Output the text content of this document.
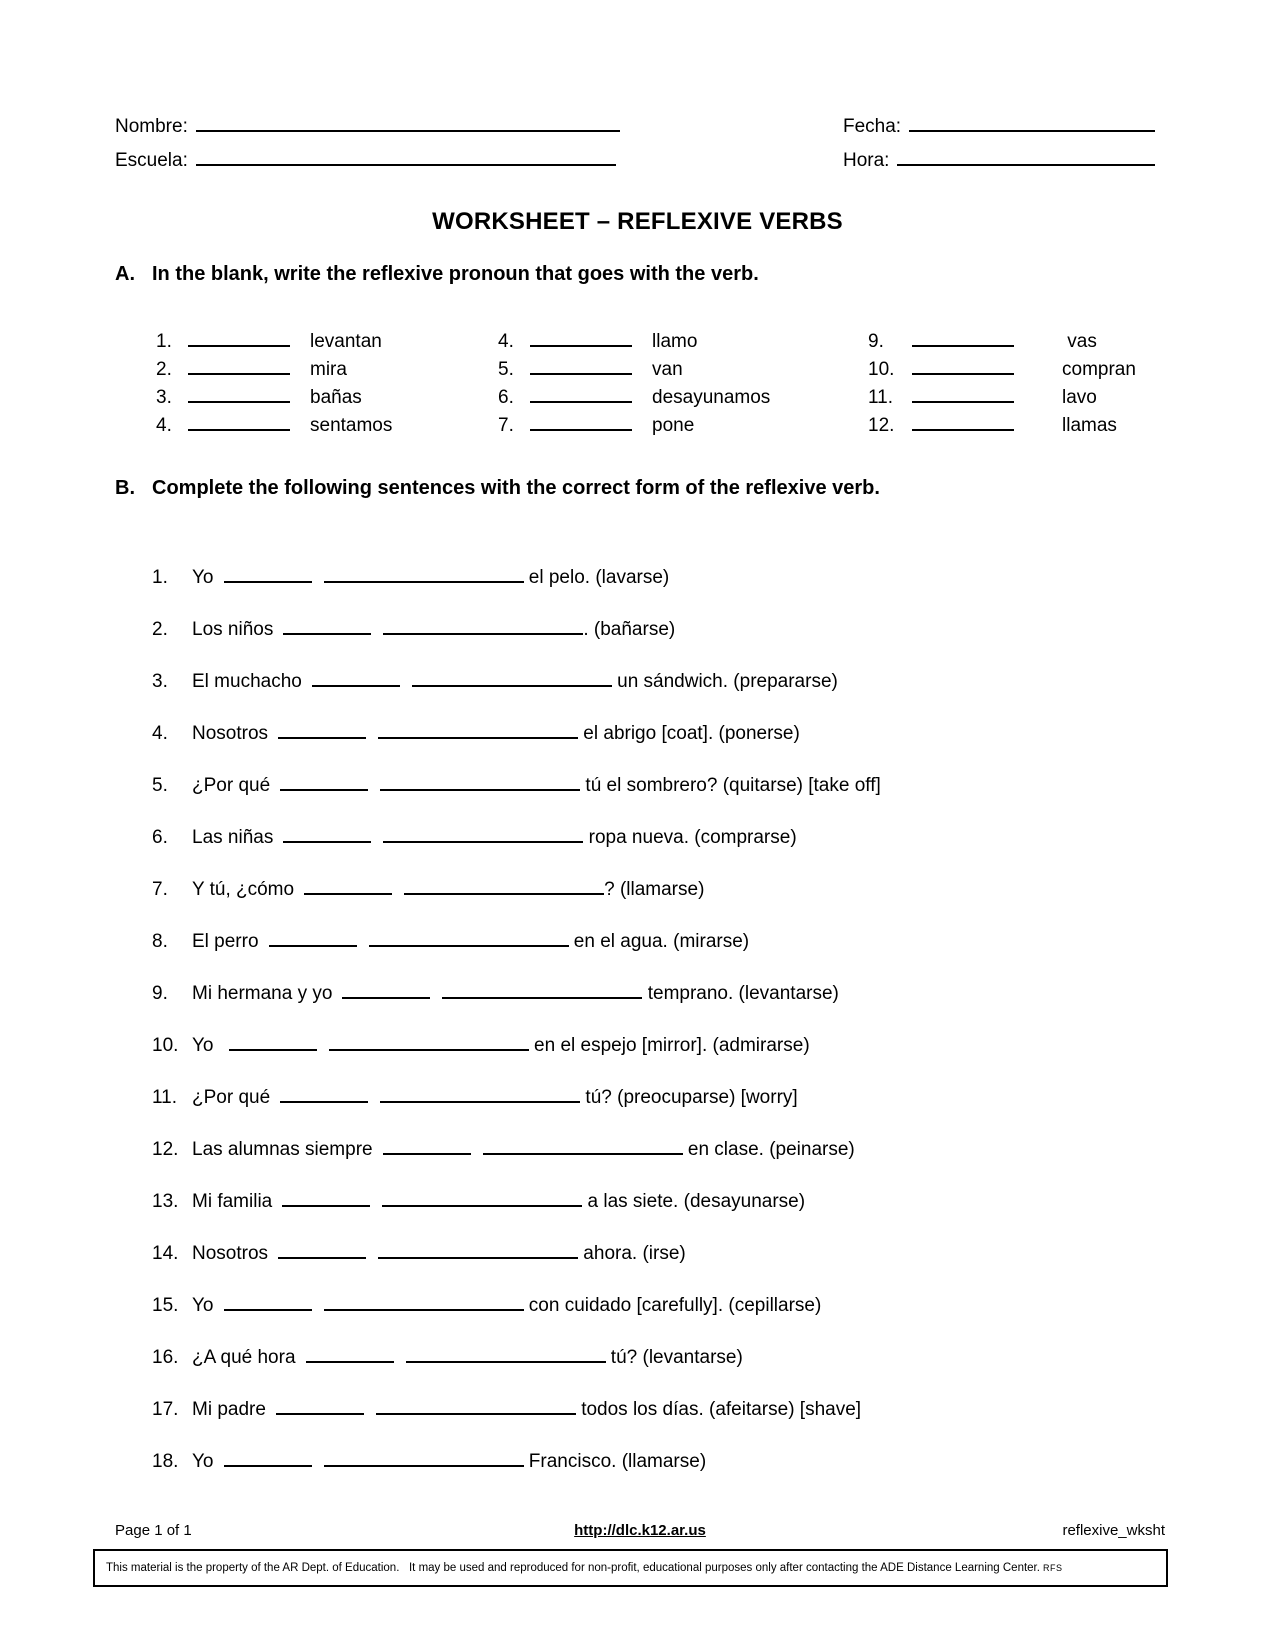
Nombre:	Fecha:
Escuela:	Hora:
WORKSHEET – REFLEXIVE VERBS
A. In the blank, write the reflexive pronoun that goes with the verb.
1.	levantan
2.	mira
3.	bañas
4.	sentamos
4.	llamo
5.	van
6.	desayunamos
7.	pone
9.	vas
10.	compran
11.	lavo
12.	llamas
B. Complete the following sentences with the correct form of the reflexive verb.
1. Yo	el pelo. (lavarse)
2. Los niños	. (bañarse)
3. El muchacho	un sándwich. (prepararse)
4. Nosotros	el abrigo [coat]. (ponerse)
5. ¿Por qué	tú el sombrero? (quitarse) [take off]
6. Las niñas	ropa nueva. (comprarse)
7. Y tú, ¿cómo	? (llamarse)
8. El perro	en el agua. (mirarse)
9. Mi hermana y yo	temprano. (levantarse)
10. Yo	en el espejo [mirror]. (admirarse)
11. ¿Por qué	tú? (preocuparse) [worry]
12. Las alumnas siempre	en clase. (peinarse)
13. Mi familia	a las siete. (desayunarse)
14. Nosotros	ahora. (irse)
15. Yo	con cuidado [carefully]. (cepillarse)
16. ¿A qué hora	tú? (levantarse)
17. Mi padre	todos los días. (afeitarse) [shave]
18. Yo	Francisco. (llamarse)
Page 1 of 1	http://dlc.k12.ar.us	reflexive_wksht
This material is the property of the AR Dept. of Education.   It may be used and reproduced for non-profit, educational purposes only after contacting the ADE Distance Learning Center. RFS
